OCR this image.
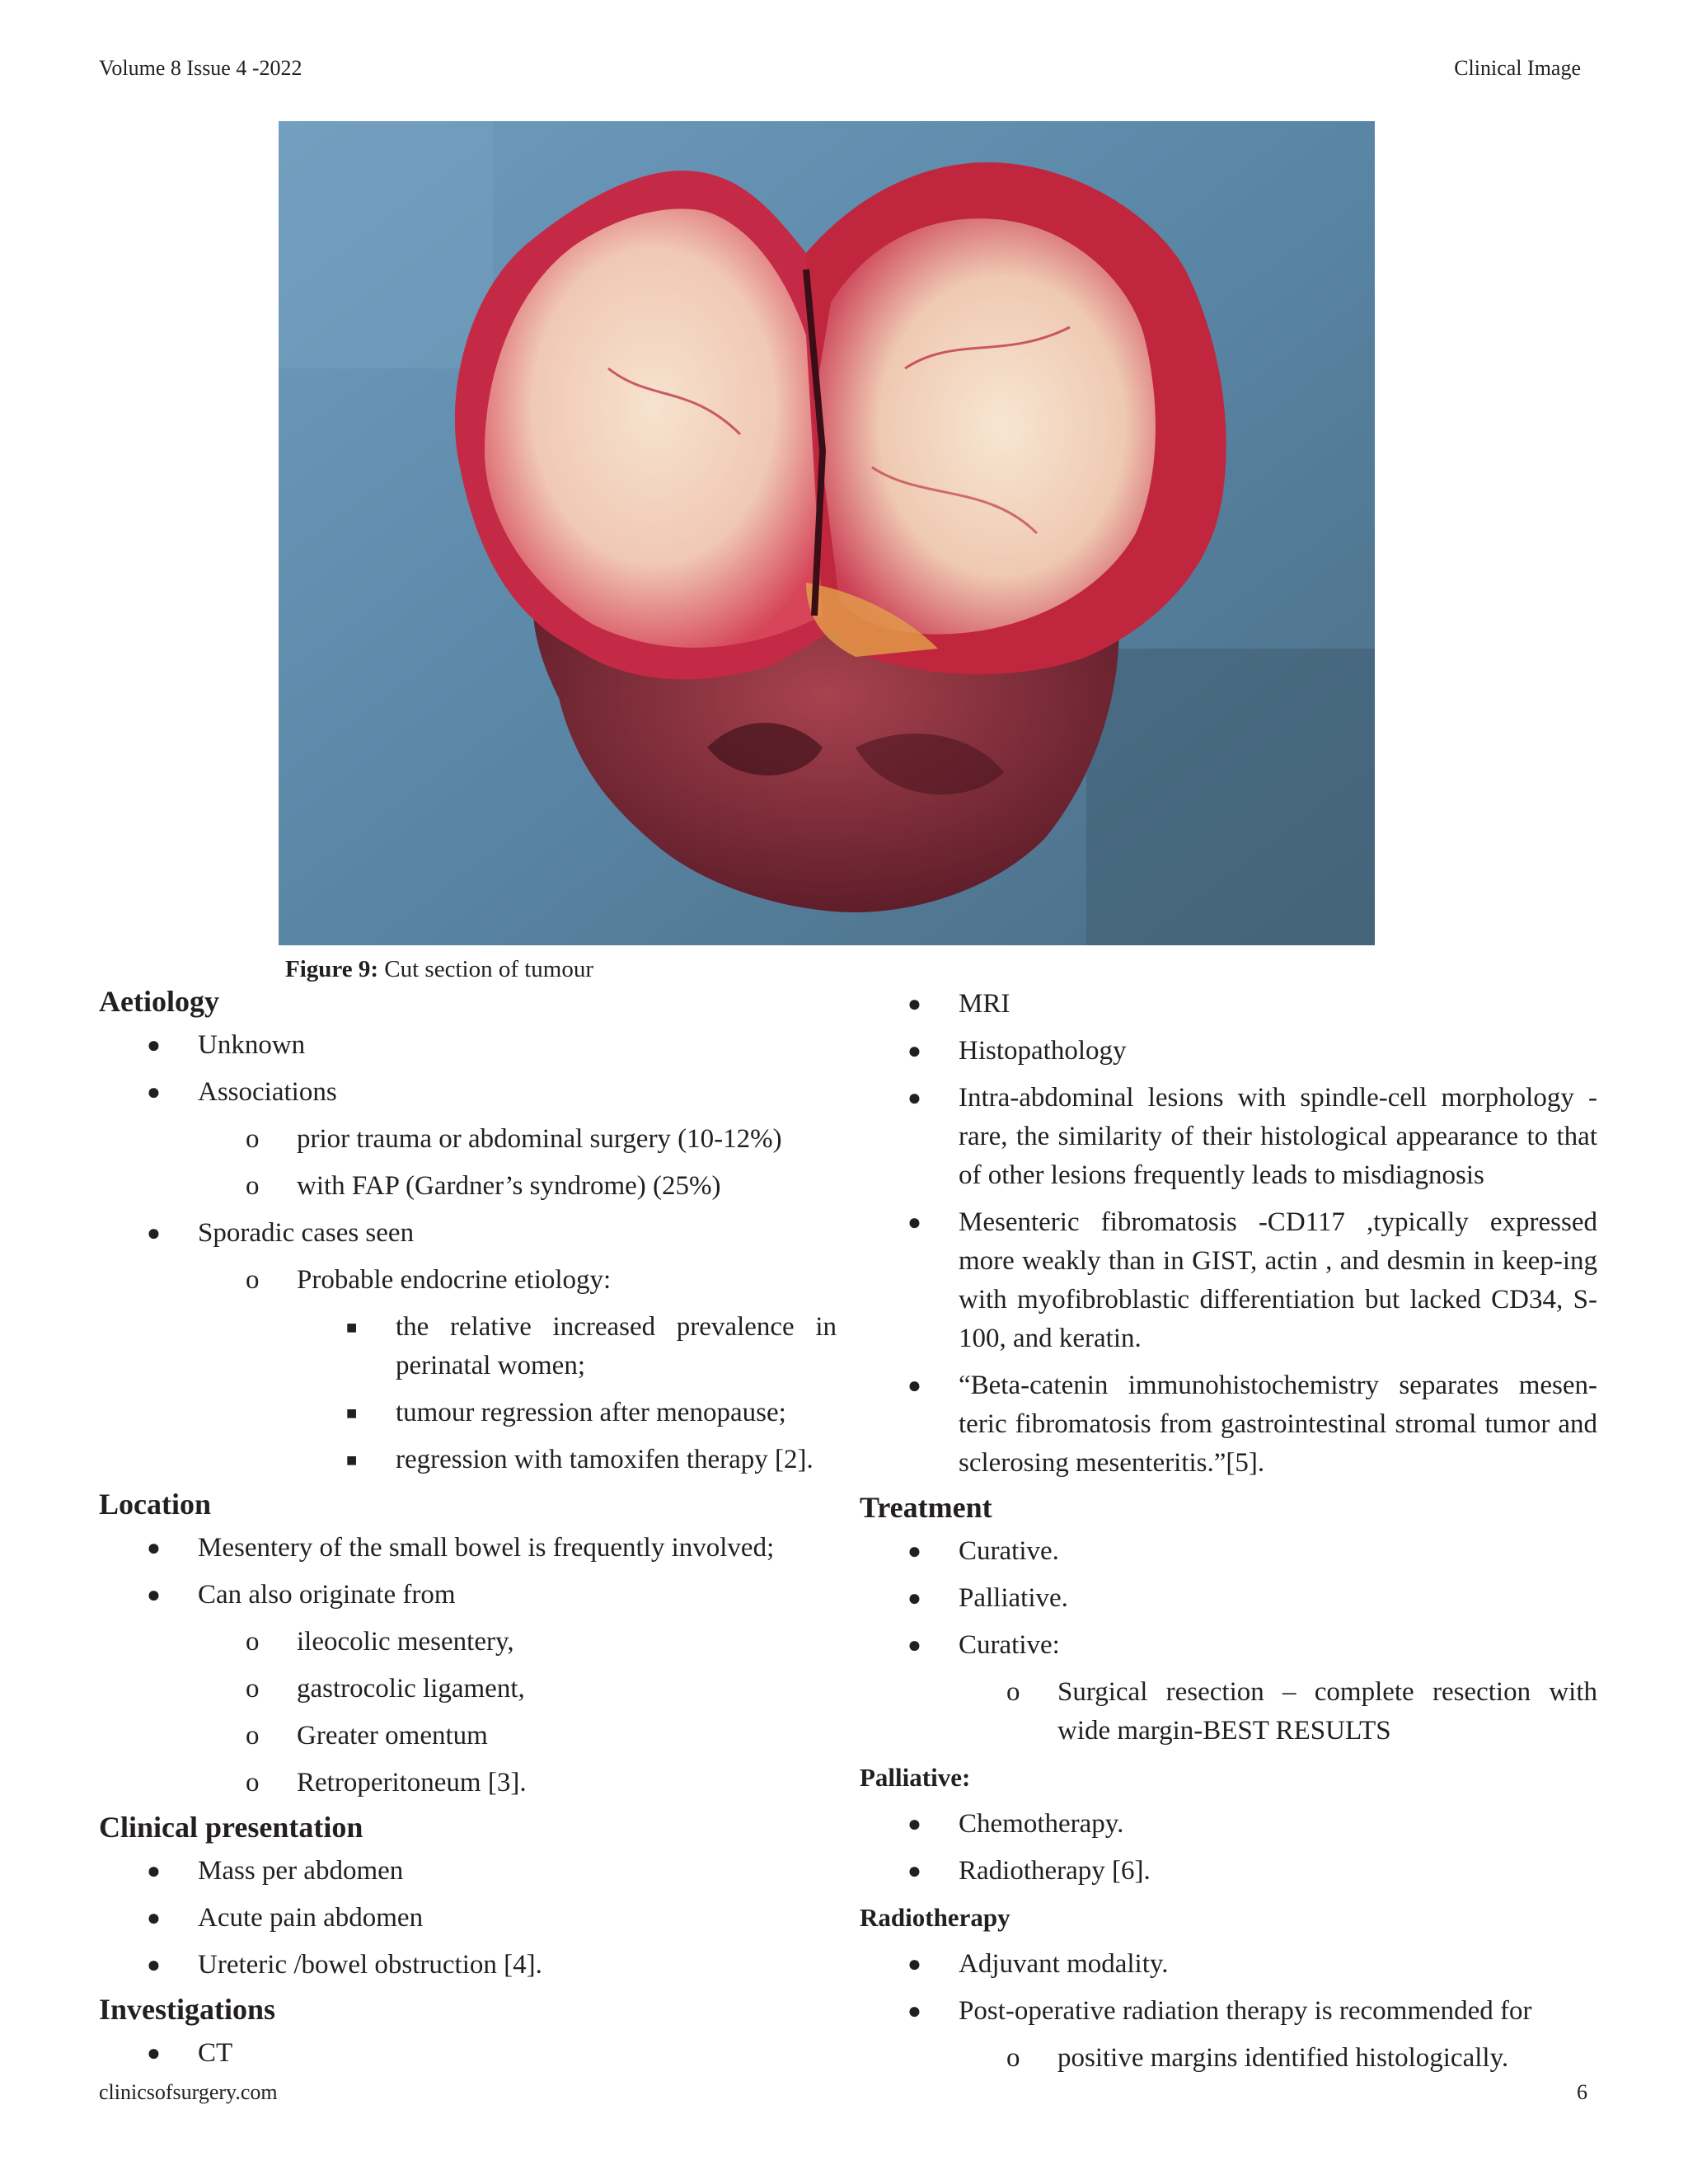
Volume 8 Issue 4 -2022	Clinical Image
Figure 9: Cut section of tumour
Aetiology
● Unknown
● Associations
o prior trauma or abdominal surgery (10-12%)
o with FAP (Gardner’s syndrome) (25%)
● Sporadic cases seen
o Probable endocrine etiology:
■ the relative increased prevalence in perinatal women;
■ tumour regression after menopause;
■ regression with tamoxifen therapy [2].
Location
● Mesentery of the small bowel is frequently involved;
● Can also originate from
o ileocolic mesentery,
o gastrocolic ligament,
o Greater omentum
o Retroperitoneum [3].
Clinical presentation
● Mass per abdomen
● Acute pain abdomen
● Ureteric /bowel obstruction [4].
Investigations
● CT
● MRI
● Histopathology
● Intra-abdominal lesions with spindle-cell morphology -rare, the similarity of their histological appearance to that of other lesions frequently leads to misdiagnosis
● Mesenteric fibromatosis -CD117 ,typically expressed more weakly than in GIST, actin , and desmin in keep-ing with myofibroblastic differentiation but lacked CD34, S-100, and keratin.
● “Beta-catenin immunohistochemistry separates mesen-teric fibromatosis from gastrointestinal stromal tumor and sclerosing mesenteritis.”[5].
Treatment
● Curative.
● Palliative.
● Curative:
o Surgical resection – complete resection with wide margin-BEST RESULTS
Palliative:
● Chemotherapy.
● Radiotherapy [6].
Radiotherapy
● Adjuvant modality.
● Post-operative radiation therapy is recommended for
o positive margins identified histologically.
clinicsofsurgery.com	6
